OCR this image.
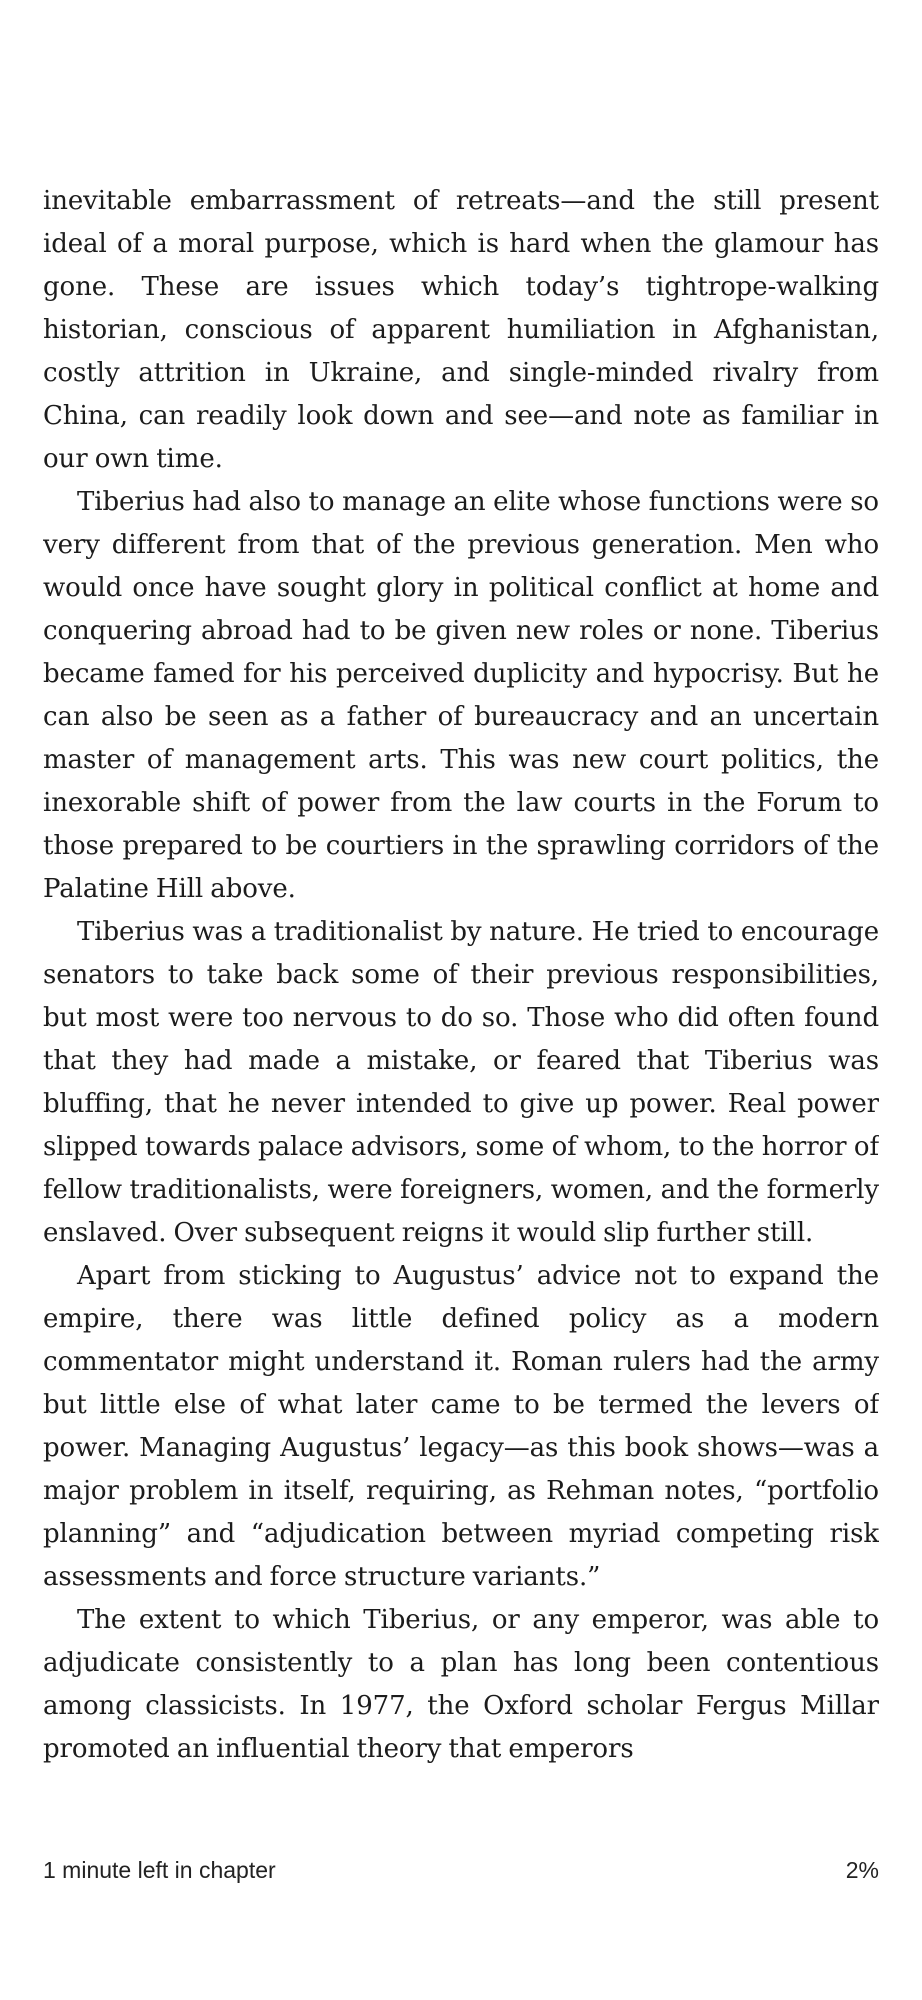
inevitable embarrassment of retreats—and the still present ideal of a moral purpose, which is hard when the glamour has gone. These are issues which today’s tightrope-walking historian, conscious of apparent humiliation in Afghanistan, costly attrition in Ukraine, and single-minded rivalry from China, can readily look down and see—and note as familiar in our own time.

Tiberius had also to manage an elite whose functions were so very different from that of the previous generation. Men who would once have sought glory in political conflict at home and conquering abroad had to be given new roles or none. Tiberius became famed for his perceived duplicity and hypocrisy. But he can also be seen as a father of bureaucracy and an uncertain master of management arts. This was new court politics, the inexorable shift of power from the law courts in the Forum to those prepared to be courtiers in the sprawling corridors of the Palatine Hill above.

Tiberius was a traditionalist by nature. He tried to encourage senators to take back some of their previous responsibilities, but most were too nervous to do so. Those who did often found that they had made a mistake, or feared that Tiberius was bluffing, that he never intended to give up power. Real power slipped towards palace advisors, some of whom, to the horror of fellow traditionalists, were foreigners, women, and the formerly enslaved. Over subsequent reigns it would slip further still.

Apart from sticking to Augustus’ advice not to expand the empire, there was little defined policy as a modern commentator might understand it. Roman rulers had the army but little else of what later came to be termed the levers of power. Managing Augustus’ legacy—as this book shows—was a major problem in itself, requiring, as Rehman notes, “portfolio planning” and “adjudication between myriad competing risk assessments and force structure variants.”

The extent to which Tiberius, or any emperor, was able to adjudicate consistently to a plan has long been contentious among classicists. In 1977, the Oxford scholar Fergus Millar promoted an influential theory that emperors

1 minute left in chapter	2%
